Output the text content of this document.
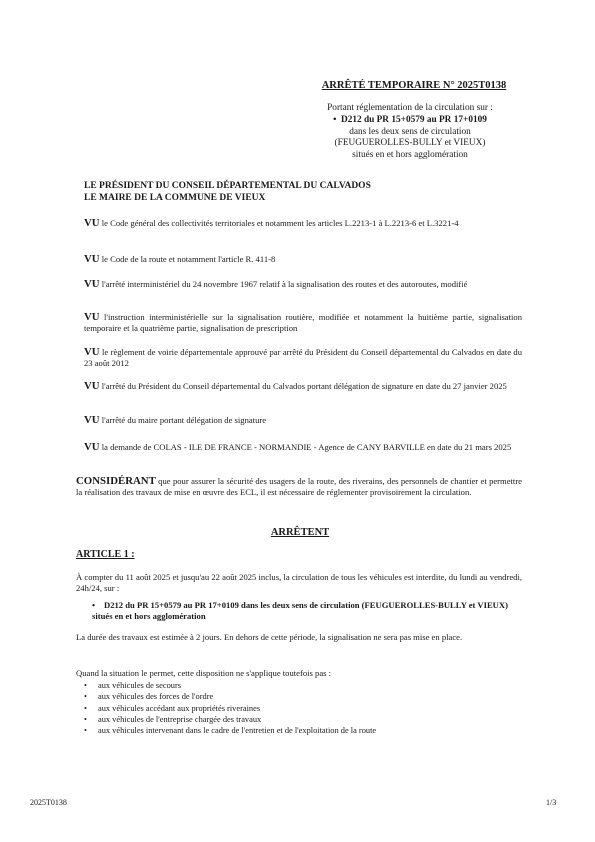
ARRÊTÉ TEMPORAIRE N° 2025T0138
Portant réglementation de la circulation sur :
•  D212 du PR 15+0579 au PR 17+0109
dans les deux sens de circulation
(FEUGUEROLLES-BULLY et VIEUX)
situés en et hors agglomération
LE PRÉSIDENT DU CONSEIL DÉPARTEMENTAL DU CALVADOS
LE MAIRE DE LA COMMUNE DE VIEUX
VU le Code général des collectivités territoriales et notamment les articles L.2213-1 à L.2213-6 et L.3221-4
VU le Code de la route et notamment l'article R. 411-8
VU l'arrêté interministériel du 24 novembre 1967 relatif à la signalisation des routes et des autoroutes, modifié
VU l'instruction interministérielle sur la signalisation routière, modifiée et notamment la huitième partie, signalisation temporaire et la quatrième partie, signalisation de prescription
VU le règlement de voirie départementale approuvé par arrêté du Président du Conseil départemental du Calvados en date du 23 août 2012
VU l'arrêté du Président du Conseil départemental du Calvados portant délégation de signature en date du 27 janvier 2025
VU l'arrêté du maire portant délégation de signature
VU la demande de COLAS - ILE DE FRANCE - NORMANDIE - Agence de CANY BARVILLE en date du 21 mars 2025
CONSIDÉRANT que pour assurer la sécurité des usagers de la route, des riverains, des personnels de chantier et permettre la réalisation des travaux de mise en œuvre des ECL, il est nécessaire de réglementer provisoirement la circulation.
ARRÊTENT
ARTICLE 1 :
À compter du 11 août 2025 et jusqu'au 22 août 2025 inclus, la circulation de tous les véhicules est interdite, du lundi au vendredi, 24h/24, sur :
• D212 du PR 15+0579 au PR 17+0109 dans les deux sens de circulation (FEUGUEROLLES-BULLY et VIEUX) situés en et hors agglomération
La durée des travaux est estimée à 2 jours. En dehors de cette période, la signalisation ne sera pas mise en place.
Quand la situation le permet, cette disposition ne s'applique toutefois pas :
• aux véhicules de secours
• aux véhicules des forces de l'ordre
• aux véhicules accédant aux propriétés riveraines
• aux véhicules de l'entreprise chargée des travaux
• aux véhicules intervenant dans le cadre de l'entretien et de l'exploitation de la route
2025T0138	1/3
